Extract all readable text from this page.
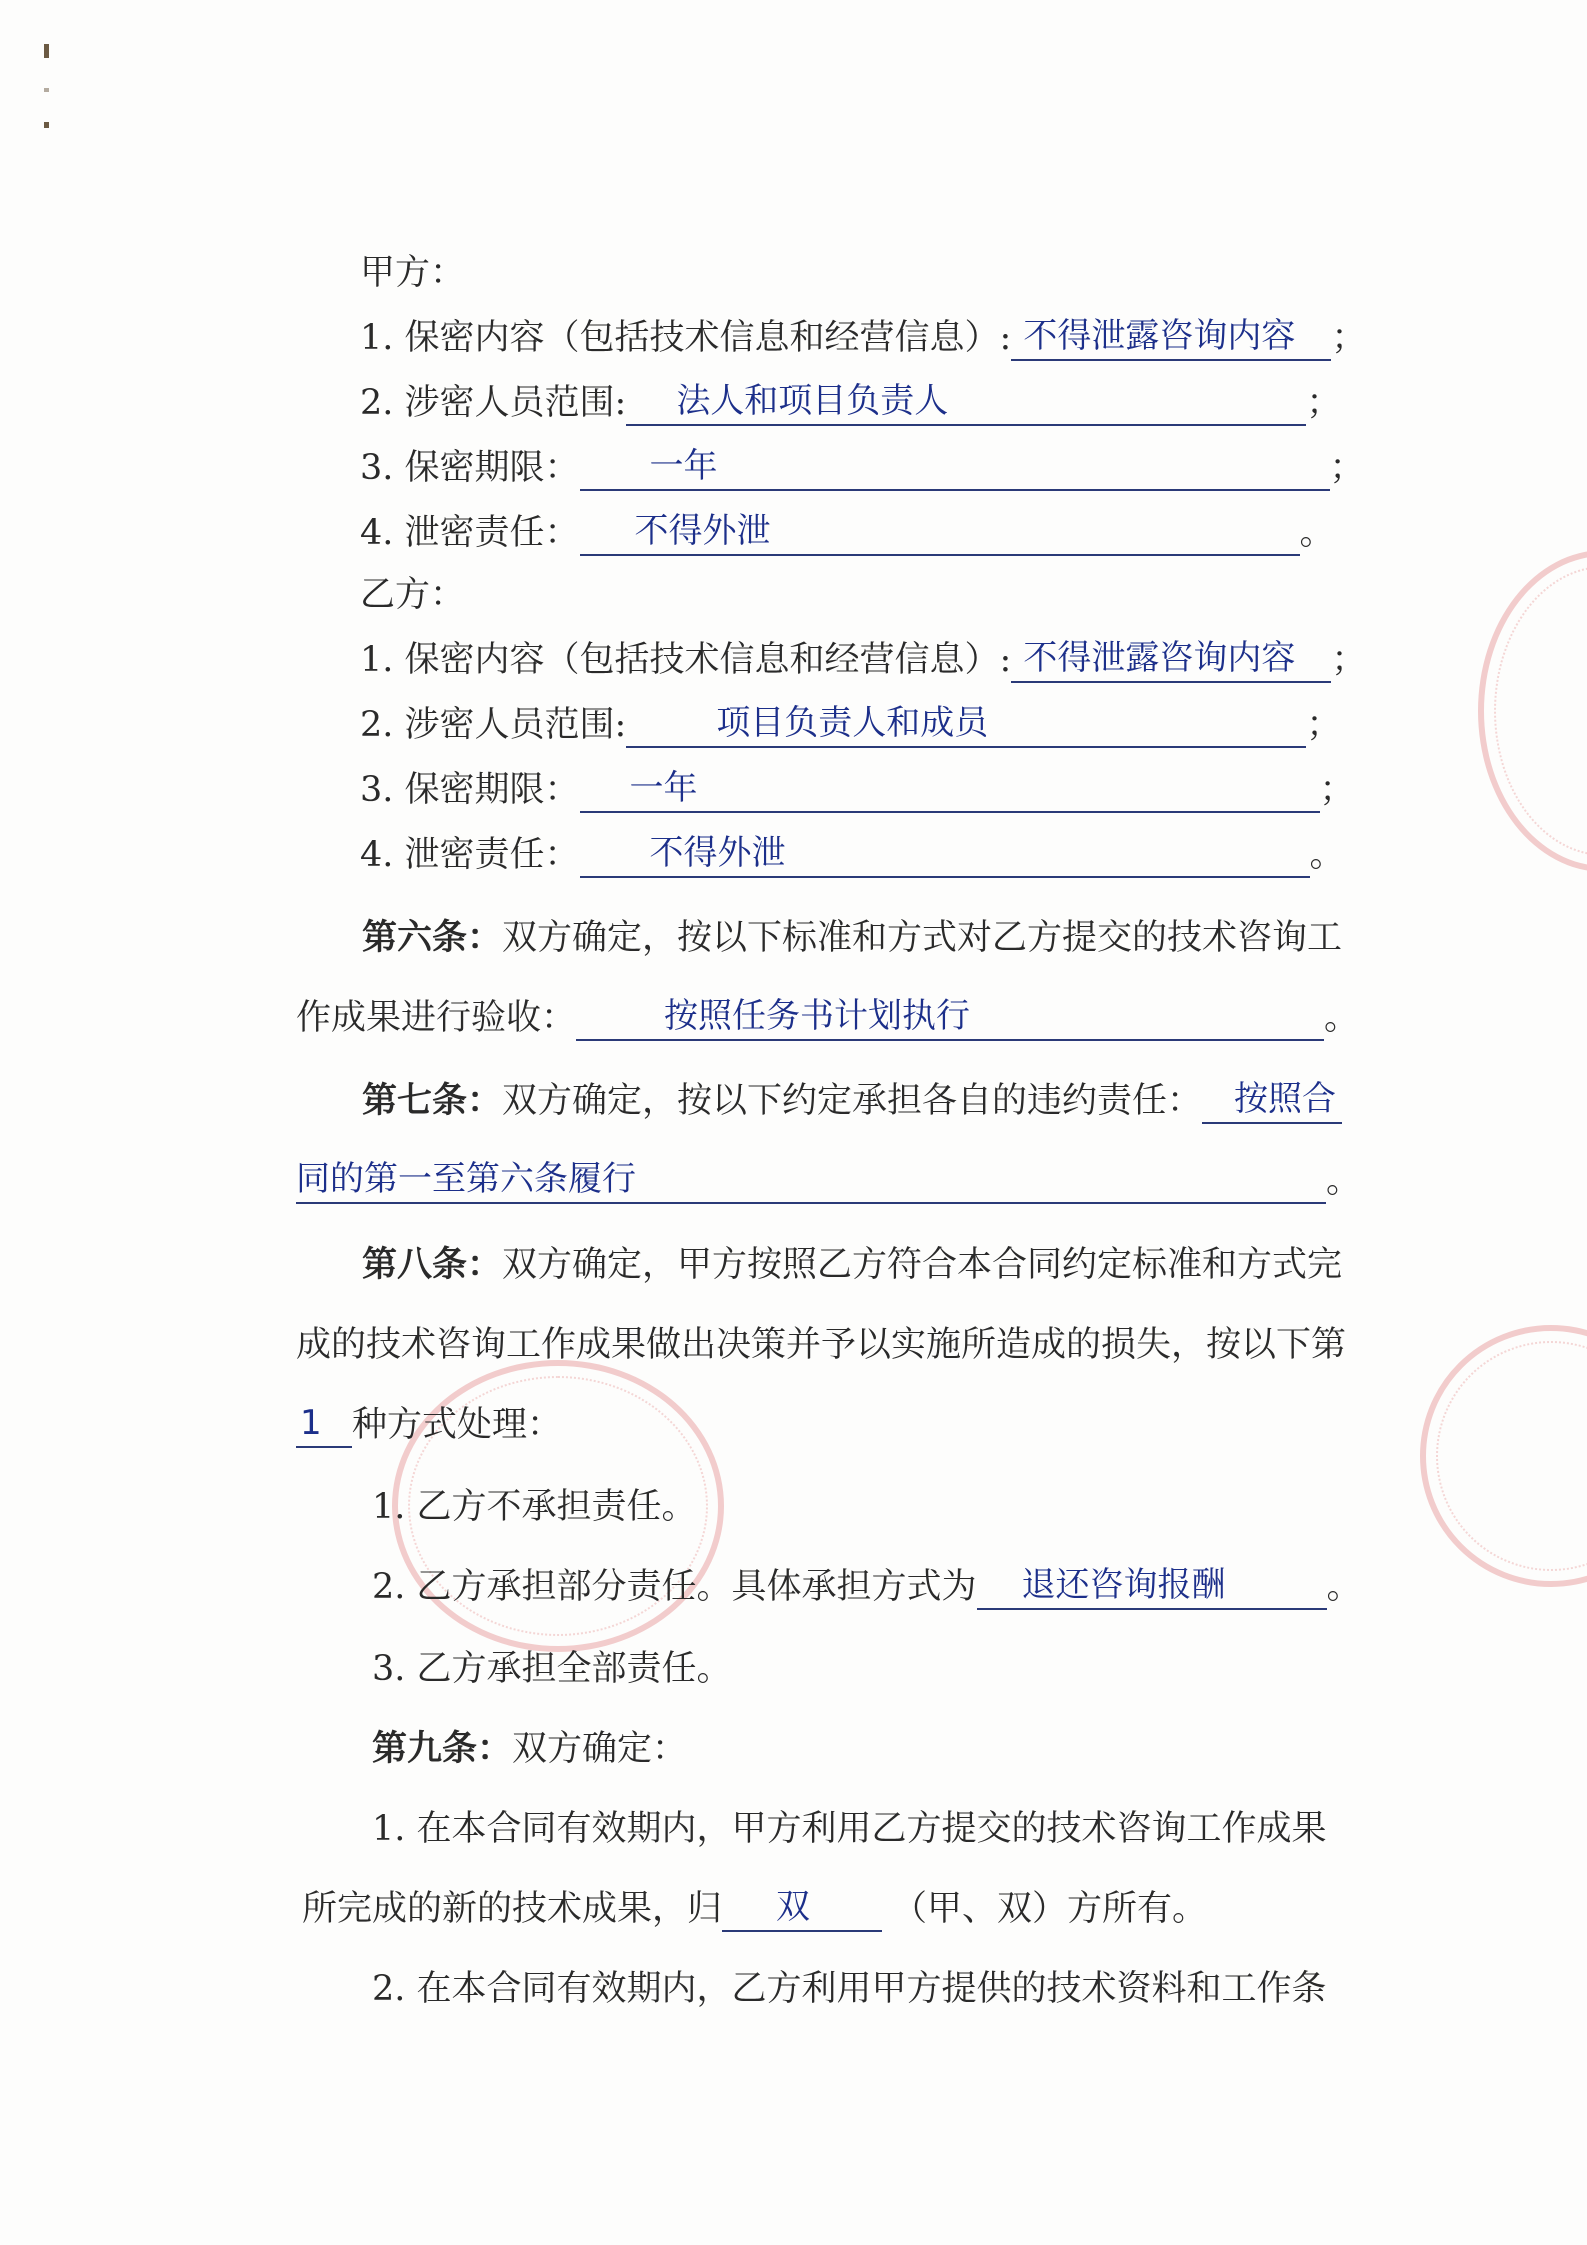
甲方：
1. 保密内容（包括技术信息和经营信息）: 不得泄露咨询内容	；
2. 涉密人员范围: 法人和项目负责人	；
3. 保密期限： 一年	；
4. 泄密责任： 不得外泄	。
乙方：
1. 保密内容（包括技术信息和经营信息）: 不得泄露咨询内容	；
2. 涉密人员范围:	项目负责人和成员	；
3. 保密期限： 一年	；
4. 泄密责任： 不得外泄	。
第六条：双方确定，按以下标准和方式对乙方提交的技术咨询工
作成果进行验收：	按照任务书计划执行	。
第七条：双方确定，按以下约定承担各自的违约责任： 按照合
同的第一至第六条履行	。
第八条：双方确定，甲方按照乙方符合本合同约定标准和方式完
成的技术咨询工作成果做出决策并予以实施所造成的损失，按以下第
1 种方式处理：
1. 乙方不承担责任。
2. 乙方承担部分责任。具体承担方式为 退还咨询报酬	。
3. 乙方承担全部责任。
第九条：双方确定：
1. 在本合同有效期内，甲方利用乙方提交的技术咨询工作成果
所完成的新的技术成果，归 双	（甲、双）方所有。
2. 在本合同有效期内，乙方利用甲方提供的技术资料和工作条
